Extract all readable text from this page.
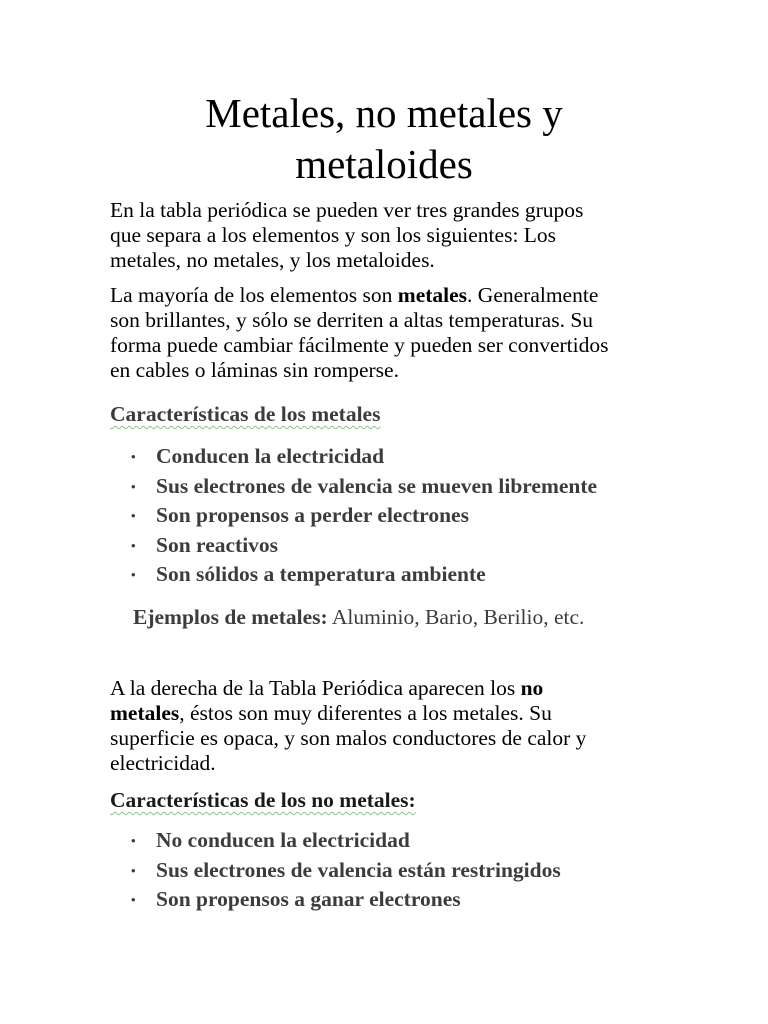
Metales, no metales y
metaloides

En la tabla periódica se pueden ver tres grandes grupos
que separa a los elementos y son los siguientes: Los
metales, no metales, y los metaloides.

La mayoría de los elementos son metales. Generalmente
son brillantes, y sólo se derriten a altas temperaturas. Su
forma puede cambiar fácilmente y pueden ser convertidos
en cables o láminas sin romperse.

Características de los metales
• Conducen la electricidad
• Sus electrones de valencia se mueven libremente
• Son propensos a perder electrones
• Son reactivos
• Son sólidos a temperatura ambiente

Ejemplos de metales: Aluminio, Bario, Berilio, etc.

A la derecha de la Tabla Periódica aparecen los no
metales, éstos son muy diferentes a los metales. Su
superficie es opaca, y son malos conductores de calor y
electricidad.

Características de los no metales:
• No conducen la electricidad
• Sus electrones de valencia están restringidos
• Son propensos a ganar electrones
